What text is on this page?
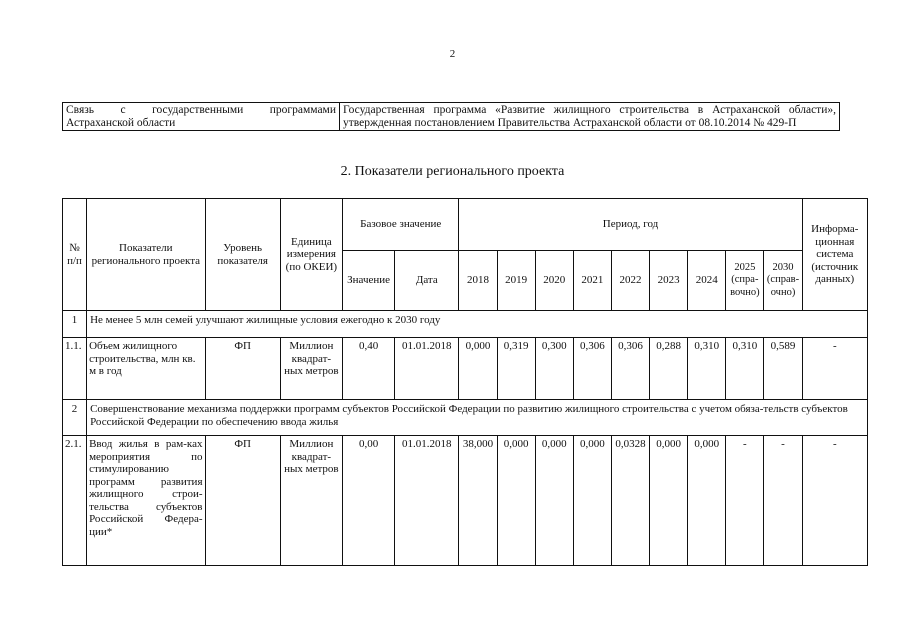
2
Связь с государственными программами Астраханской области	Государственная программа «Развитие жилищного строительства в Астраханской области», утвержденная постановлением Правительства Астраханской области от 08.10.2014 № 429-П
2. Показатели регионального проекта
№ п/п	Показатели регионального проекта	Уровень показателя	Единица измерения (по ОКЕИ)	Базовое значение		Период, год									Информа-ционная система (источник данных)
				Значение	Дата	2018	2019	2020	2021	2022	2023	2024	2025 (спра-вочно)	2030 (справ-очно)	
1	Не менее 5 млн семей улучшают жилищные условия ежегодно к 2030 году														
1.1.	Объем жилищного строительства, млн кв. м в год	ФП	Миллион квадрат-ных метров	0,40	01.01.2018	0,000	0,319	0,300	0,306	0,306	0,288	0,310	0,310	0,589	-
2	Совершенствование механизма поддержки программ субъектов Российской Федерации по развитию жилищного строительства с учетом обяза-тельств субъектов Российской Федерации по обеспечению ввода жилья														
2.1.	Ввод жилья в рам-ках мероприятия по стимулированию программ развития жилищного строи-тельства субъектов Российской Федера-ции*	ФП	Миллион квадрат-ных метров	0,00	01.01.2018	38,000	0,000	0,000	0,000	0,0328	0,000	0,000	-	-	-
